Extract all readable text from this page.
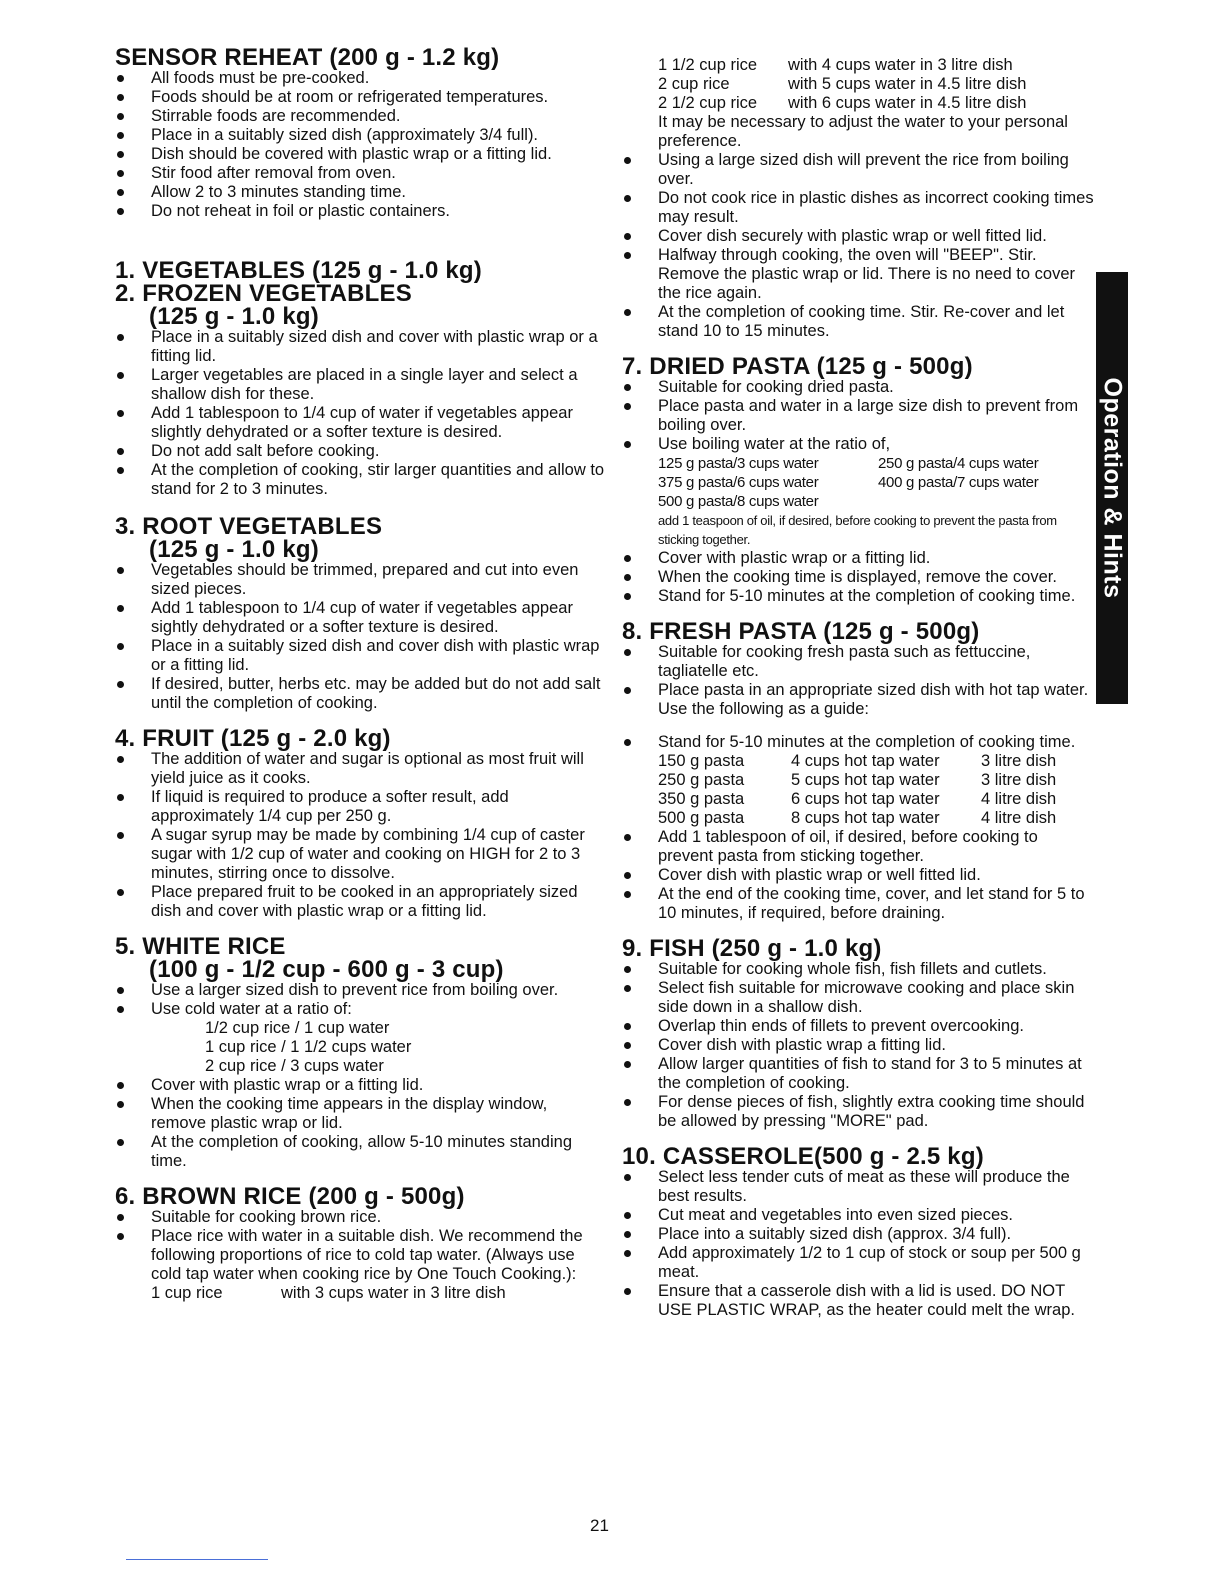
SENSOR REHEAT (200 g - 1.2 kg)
All foods must be pre-cooked.
Foods should be at room or refrigerated temperatures.
Stirrable foods are recommended.
Place in a suitably sized dish (approximately 3/4 full).
Dish should be covered with plastic wrap or a fitting lid.
Stir food after removal from oven.
Allow 2 to 3 minutes standing time.
Do not reheat in foil or plastic containers.
1. VEGETABLES (125 g - 1.0 kg)
2. FROZEN VEGETABLES
(125 g - 1.0 kg)
Place in a suitably sized dish and cover with plastic wrap or a fitting lid.
Larger vegetables are placed in a single layer and select a shallow dish for these.
Add 1 tablespoon to 1/4 cup of water if vegetables appear slightly dehydrated or a softer texture is desired.
Do not add salt before cooking.
At the completion of cooking, stir larger quantities and allow to stand for 2 to 3 minutes.
3. ROOT VEGETABLES
(125 g - 1.0 kg)
Vegetables should be trimmed, prepared and cut into even sized pieces.
Add 1 tablespoon to 1/4 cup of water if vegetables appear sightly dehydrated or a softer texture is desired.
Place in a suitably sized dish and cover dish with plastic wrap or a fitting lid.
If desired, butter, herbs etc. may be added but do not add salt until the completion of cooking.
4. FRUIT (125 g - 2.0 kg)
The addition of water and sugar is optional as most fruit will yield juice as it cooks.
If liquid is required to produce a softer result, add approximately 1/4 cup per 250 g.
A sugar syrup may be made by combining 1/4 cup of caster sugar with 1/2 cup of water and cooking on HIGH for 2 to 3 minutes, stirring once to dissolve.
Place prepared fruit to be cooked in an appropriately sized dish and cover with plastic wrap or a fitting lid.
5. WHITE RICE
(100 g - 1/2 cup - 600 g - 3 cup)
Use a larger sized dish to prevent rice from boiling over.
Use cold water at a ratio of:
1/2 cup rice / 1 cup water
1 cup rice / 1 1/2 cups water
2 cup rice / 3 cups water
Cover with plastic wrap or a fitting lid.
When the cooking time appears in the display window, remove plastic wrap or lid.
At the completion of cooking, allow 5-10 minutes standing time.
6. BROWN RICE (200 g - 500g)
Suitable for cooking brown rice.
Place rice with water in a suitable dish. We recommend the following proportions of rice to cold tap water. (Always use cold tap water when cooking rice by One Touch Cooking.):
1 cup rice	with 3 cups water in 3 litre dish
1 1/2 cup rice	with 4 cups water in 3 litre dish
2 cup rice	with 5 cups water in 4.5 litre dish
2 1/2 cup rice	with 6 cups water in 4.5 litre dish
It may be necessary to adjust the water to your personal preference.
Using a large sized dish will prevent the rice from boiling over.
Do not cook rice in plastic dishes as incorrect cooking times may result.
Cover dish securely with plastic wrap or well fitted lid.
Halfway through cooking, the oven will "BEEP". Stir. Remove the plastic wrap or lid. There is no need to cover the rice again.
At the completion of cooking time. Stir. Re-cover and let stand 10 to 15 minutes.
7. DRIED PASTA (125 g - 500g)
Suitable for cooking dried pasta.
Place pasta and water in a large size dish to prevent from boiling over.
Use boiling water at the ratio of,
125 g pasta/3 cups water	250 g pasta/4 cups water
375 g pasta/6 cups water	400 g pasta/7 cups water
500 g pasta/8 cups water
add 1 teaspoon of oil, if desired, before cooking to prevent the pasta from sticking together.
Cover with plastic wrap or a fitting lid.
When the cooking time is displayed, remove the cover.
Stand for 5-10 minutes at the completion of cooking time.
8. FRESH PASTA (125 g - 500g)
Suitable for cooking fresh pasta such as fettuccine, tagliatelle etc.
Place pasta in an appropriate sized dish with hot tap water. Use the following as a guide:
Stand for 5-10 minutes at the completion of cooking time.
150 g pasta	4 cups hot tap water	3 litre dish
250 g pasta	5 cups hot tap water	3 litre dish
350 g pasta	6 cups hot tap water	4 litre dish
500 g pasta	8 cups hot tap water	4 litre dish
Add 1 tablespoon of oil, if desired, before cooking to prevent pasta from sticking together.
Cover dish with plastic wrap or well fitted lid.
At the end of the cooking time, cover, and let stand for 5 to 10 minutes, if required, before draining.
9. FISH (250 g - 1.0 kg)
Suitable for cooking whole fish, fish fillets and cutlets.
Select fish suitable for microwave cooking and place skin side down in a shallow dish.
Overlap thin ends of fillets to prevent overcooking.
Cover dish with plastic wrap a fitting lid.
Allow larger quantities of fish to stand for 3 to 5 minutes at the completion of cooking.
For dense pieces of fish, slightly extra cooking time should be allowed by pressing "MORE" pad.
10. CASSEROLE(500 g - 2.5 kg)
Select less tender cuts of meat as these will produce the best results.
Cut meat and vegetables into even sized pieces.
Place into a suitably sized dish (approx. 3/4 full).
Add approximately 1/2 to 1 cup of stock or soup per 500 g meat.
Ensure that a casserole dish with a lid is used. DO NOT USE PLASTIC WRAP, as the heater could melt the wrap.
Operation & Hints
21
